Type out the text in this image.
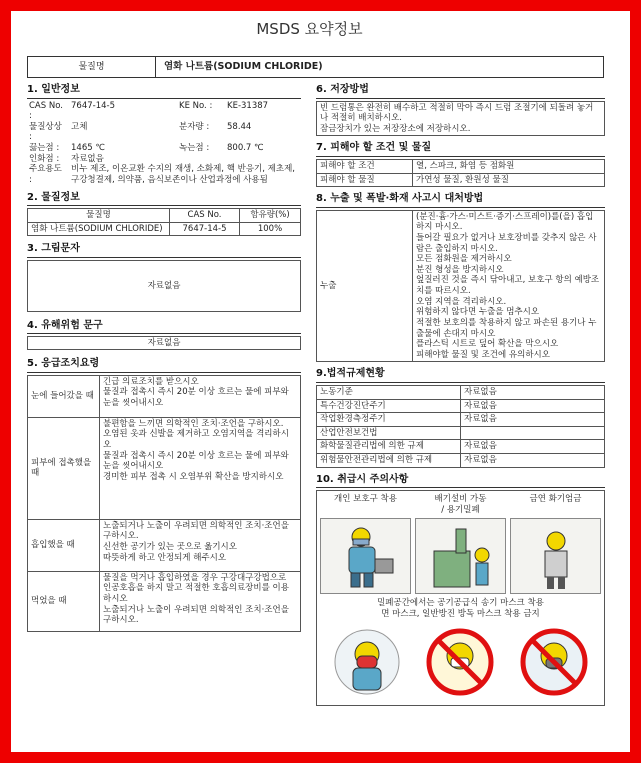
MSDS 요약정보
물질명	염화 나트륨(SODIUM CHLORIDE)
1. 일반정보
CAS No. :	7647-14-5	KE No. :	KE-31387
물질상상 :	고체	분자량 :	58.44
끓는점 :	1465 ℃	녹는점 :	800.7 ℃
인화점 :	자료없음		
주요용도 :	비누 제조, 이온교환 수지의 재생, 소화제, 핵 반응기, 제초제, 구강청결제, 의약품, 음식보존이나 산업과정에 사용됨		
2. 물질정보
물질명	CAS No.	함유량(%)
염화 나트륨(SODIUM CHLORIDE)	7647-14-5	100%
3. 그림문자
자료없음
4. 유해위험 문구
자료없음
5. 응급조치요령
눈에 들어갔을 때	긴급 의료조치를 받으시오
물질과 접촉시 즉시 20분 이상 흐르는 물에 피부와 눈을 씻어내시오
피부에 접촉했을 때	불편함을 느끼면 의학적인 조치·조언을 구하시오.
오염된 옷과 신발을 제거하고 오염지역을 격리하시오
물질과 접촉시 즉시 20분 이상 흐르는 물에 피부와 눈을 씻어내시오
경미한 피부 접촉 시 오염부위 확산을 방지하시오
흡입했을 때	노출되거나 노출이 우려되면 의학적인 조치·조언을 구하시오.
신선한 공기가 있는 곳으로 옮기시오
따뜻하게 하고 안정되게 해주시오
먹었을 때	물질을 먹거나 흡입하였을 경우 구강대구강법으로 인공호흡을 하지 말고 적절한 호흡의료장비를 이용하시오
노출되거나 노출이 우려되면 의학적인 조치·조언을 구하시오.
6. 저장방법
빈 드럼통은 완전히 배수하고 적절히 막아 즉시 드럼 조절기에 되돌려 놓거나 적절히 배치하시오.
잠금장치가 있는 저장장소에 저장하시오.
7. 피해야 할 조건 및 물질
피해야 할 조건	열, 스파크, 화염 등 점화원
피해야 할 물질	가연성 물질, 환원성 물질
8. 누출 및 폭발·화재 사고시 대처방법
누출	(분진·흄·가스·미스트·증기·스프레이)를(을) 흡입하지 마시오.
들어갈 필요가 없거나 보호장비를 갖추지 않은 사람은 출입하지 마시오.
모든 점화원을 제거하시오
분진 형성을 방지하시오
엎질러진 것을 즉시 닦아내고, 보호구 항의 예방조치를 따르시오.
오염 지역을 격리하시오.
위험하지 않다면 누출을 멈추시오
적절한 보호의를 착용하지 않고 파손된 용기나 누출물에 손대지 마시오
플라스틱 시트로 덮어 확산을 막으시오
피해야할 물질 및 조건에 유의하시오
9.법적규제현황
노동기준	자료없음
특수건강진단주기	자료없음
작업환경측정주기	자료없음
산업안전보건법	
화학물질관리법에 의한 규제	자료없음
위험물안전관리법에 의한 규제	자료없음
10. 취급시 주의사항
개인 보호구 착용	배기설비 가동
/ 용기밀폐
금연 화기엄금
밀폐공간에서는 공기공급식 송기 마스크 착용
면 마스크, 일반방진 방독 마스크 착용 금지
